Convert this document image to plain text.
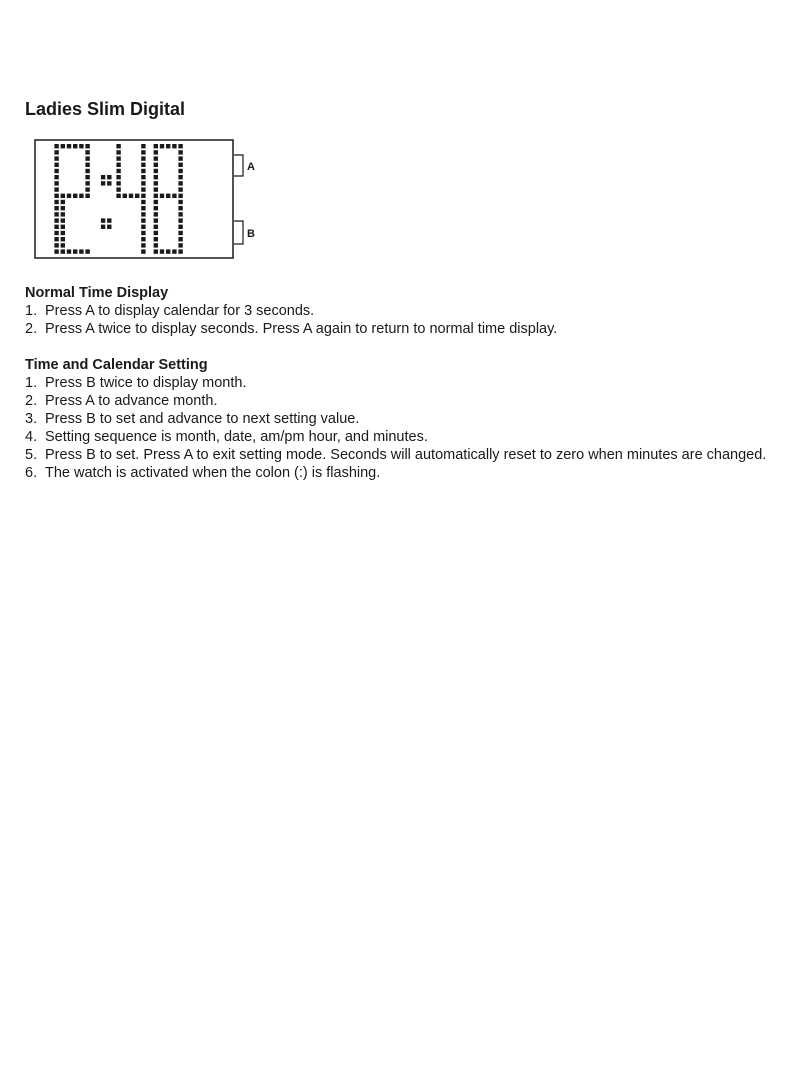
Ladies Slim Digital
A
B
Normal Time Display
1. Press A to display calendar for 3 seconds.
2. Press A twice to display seconds. Press A again to return to normal time display.
Time and Calendar Setting
1. Press B twice to display month.
2. Press A to advance month.
3. Press B to set and advance to next setting value.
4. Setting sequence is month, date, am/pm hour, and minutes.
5. Press B to set. Press A to exit setting mode. Seconds will automatically reset to zero when minutes are changed.
6. The watch is activated when the colon (:) is flashing.
